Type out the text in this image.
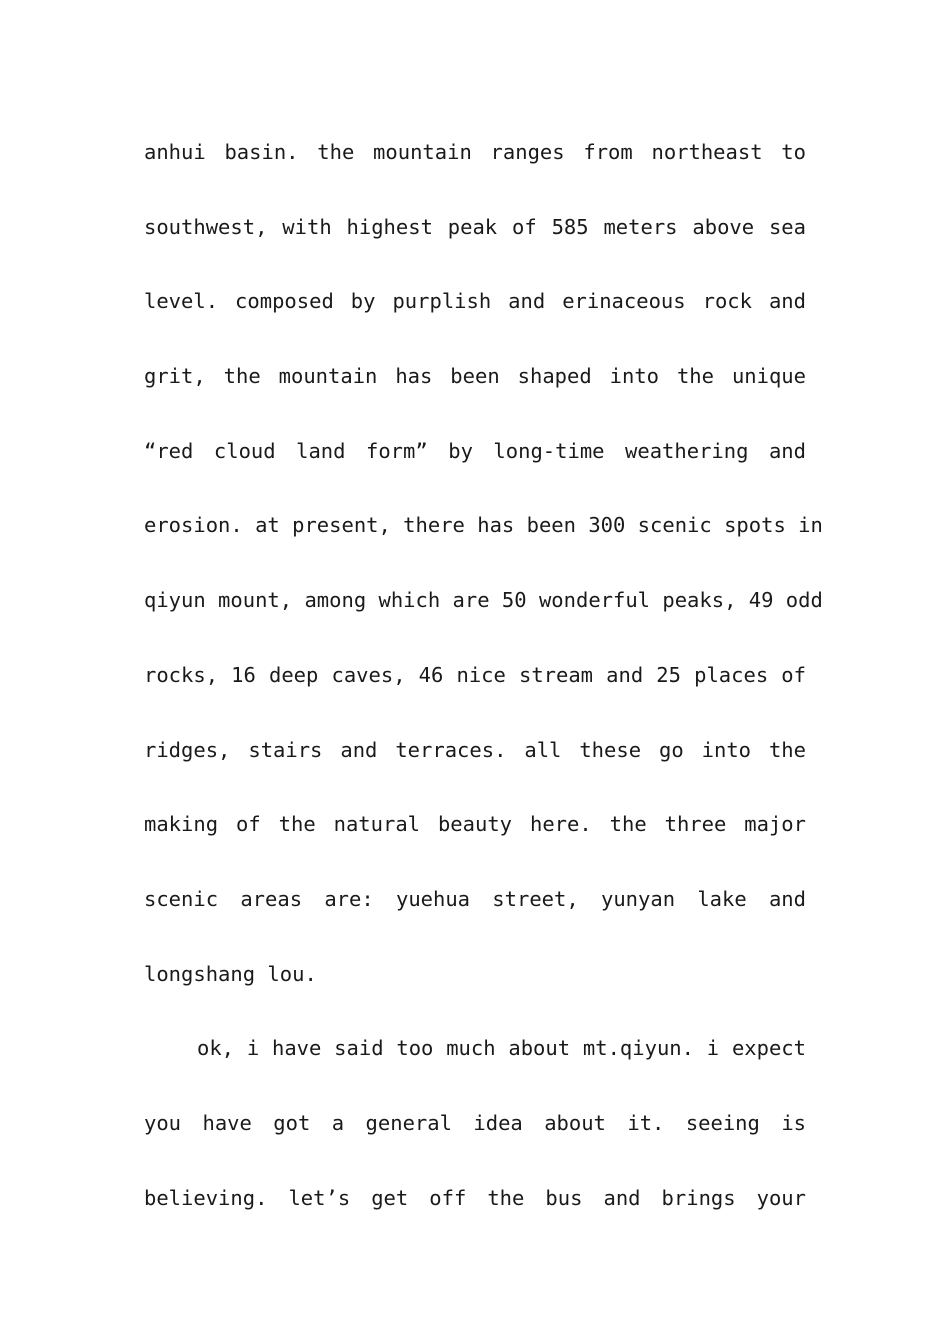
anhui basin. the mountain ranges from northeast to
southwest, with highest peak of 585 meters above sea
level. composed by purplish and erinaceous rock and
grit, the mountain has been shaped into the unique
“red cloud land form” by long-time weathering and
erosion. at present, there has been 300 scenic spots in
qiyun mount, among which are 50 wonderful peaks, 49 odd
rocks, 16 deep caves, 46 nice stream and 25 places of
ridges, stairs and terraces. all these go into the
making of the natural beauty here. the three major
scenic areas are: yuehua street, yunyan lake and
longshang lou.
ok, i have said too much about mt.qiyun. i expect
you have got a general idea about it. seeing is
believing. let’s get off the bus and brings your
